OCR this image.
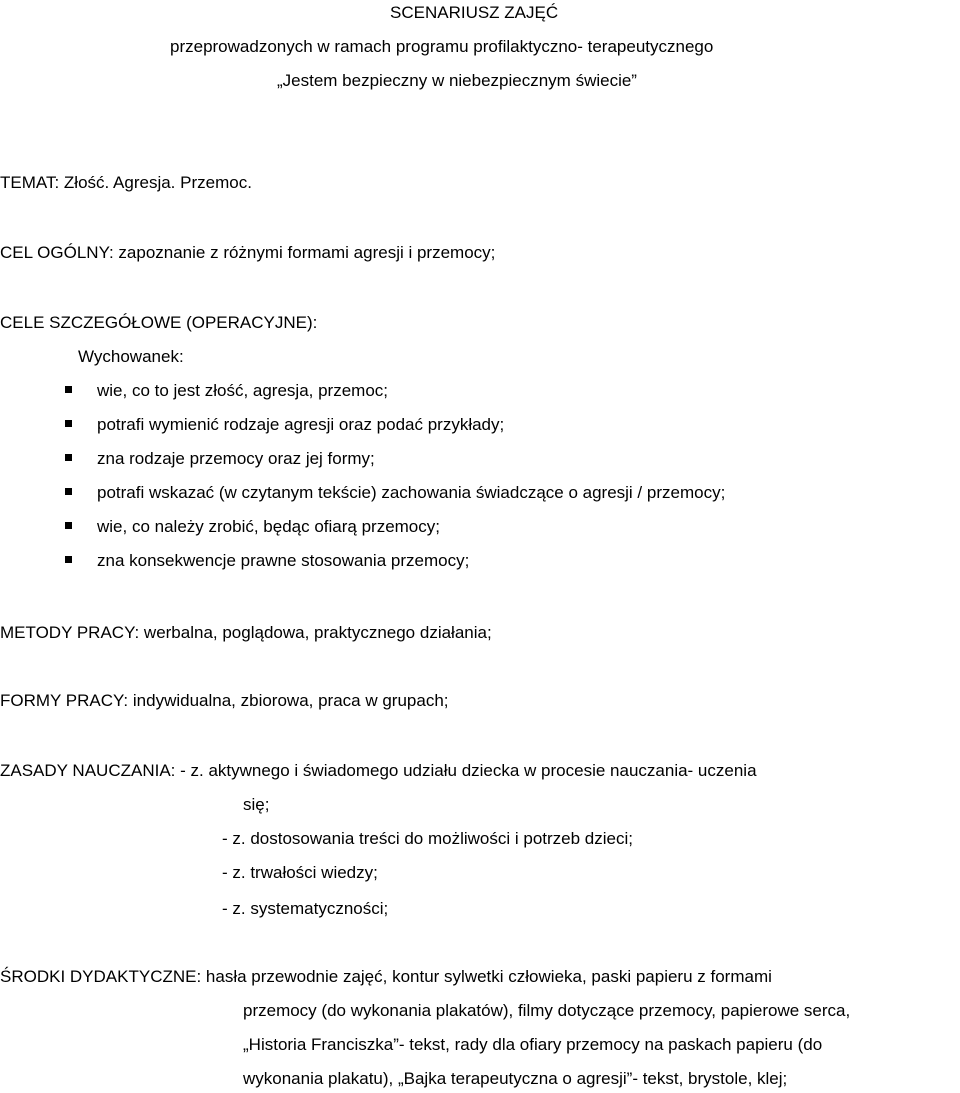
SCENARIUSZ ZAJĘĆ
przeprowadzonych w ramach programu profilaktyczno- terapeutycznego
„Jestem bezpieczny w niebezpiecznym świecie”
TEMAT: Złość. Agresja. Przemoc.
CEL OGÓLNY: zapoznanie z różnymi formami agresji i przemocy;
CELE SZCZEGÓŁOWE (OPERACYJNE):
Wychowanek:
wie, co to jest złość, agresja, przemoc;
potrafi wymienić rodzaje agresji oraz podać przykłady;
zna rodzaje przemocy oraz jej formy;
potrafi wskazać (w czytanym tekście) zachowania świadczące o agresji / przemocy;
wie, co należy zrobić, będąc ofiarą przemocy;
zna konsekwencje prawne stosowania przemocy;
METODY PRACY: werbalna, poglądowa, praktycznego działania;
FORMY PRACY: indywidualna, zbiorowa, praca w grupach;
ZASADY NAUCZANIA: - z. aktywnego i świadomego udziału dziecka w procesie nauczania- uczenia
się;
- z. dostosowania treści do możliwości i potrzeb dzieci;
- z. trwałości wiedzy;
- z. systematyczności;
ŚRODKI DYDAKTYCZNE: hasła przewodnie zajęć, kontur sylwetki człowieka, paski papieru z formami
przemocy (do wykonania plakatów), filmy dotyczące przemocy, papierowe serca,
„Historia Franciszka”- tekst, rady dla ofiary przemocy na paskach papieru (do
wykonania plakatu), „Bajka terapeutyczna o agresji”- tekst, brystole, klej;
